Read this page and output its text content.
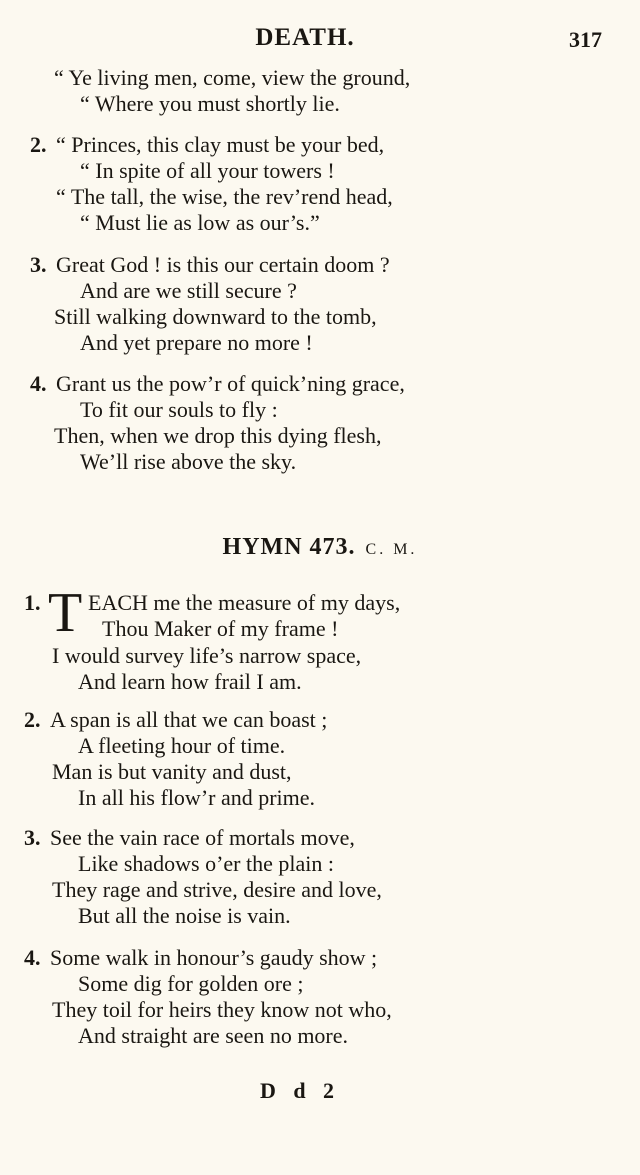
DEATH.	317
“ Ye living men, come, view the ground,
“ Where you must shortly lie.
2. “ Princes, this clay must be your bed,
“ In spite of all your towers !
“ The tall, the wise, the rev’rend head,
“ Must lie as low as our’s.”
3. Great God ! is this our certain doom ?
And are we still secure ?
Still walking downward to the tomb,
And yet prepare no more !
4. Grant us the pow’r of quick’ning grace,
To fit our souls to fly :
Then, when we drop this dying flesh,
We’ll rise above the sky.
HYMN 473. C. M.
1. T EACH me the measure of my days,
Thou Maker of my frame !
I would survey life’s narrow space,
And learn how frail I am.
2. A span is all that we can boast ;
A fleeting hour of time.
Man is but vanity and dust,
In all his flow’r and prime.
3. See the vain race of mortals move,
Like shadows o’er the plain :
They rage and strive, desire and love,
But all the noise is vain.
4. Some walk in honour’s gaudy show ;
Some dig for golden ore ;
They toil for heirs they know not who,
And straight are seen no more.
D d 2
